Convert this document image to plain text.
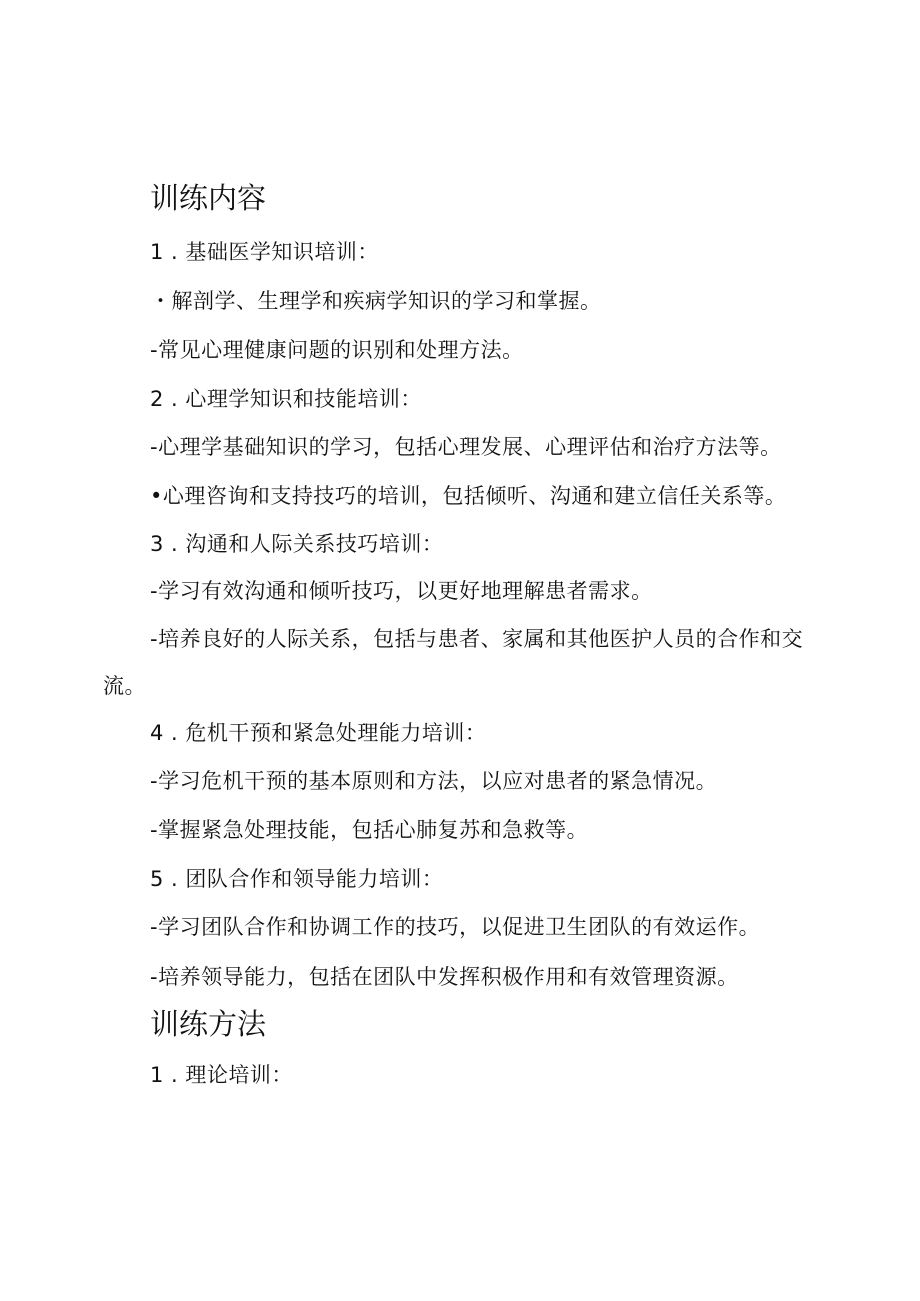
训练内容
1 . 基础医学知识培训：
・解剖学、生理学和疾病学知识的学习和掌握。
-常见心理健康问题的识别和处理方法。
2 . 心理学知识和技能培训：
-心理学基础知识的学习，包括心理发展、心理评估和治疗方法等。
•心理咨询和支持技巧的培训，包括倾听、沟通和建立信任关系等。
3 . 沟通和人际关系技巧培训：
-学习有效沟通和倾听技巧，以更好地理解患者需求。
-培养良好的人际关系，包括与患者、家属和其他医护人员的合作和交
流。
4 . 危机干预和紧急处理能力培训：
-学习危机干预的基本原则和方法，以应对患者的紧急情况。
-掌握紧急处理技能，包括心肺复苏和急救等。
5 . 团队合作和领导能力培训：
-学习团队合作和协调工作的技巧，以促进卫生团队的有效运作。
-培养领导能力，包括在团队中发挥积极作用和有效管理资源。
训练方法
1 . 理论培训：
